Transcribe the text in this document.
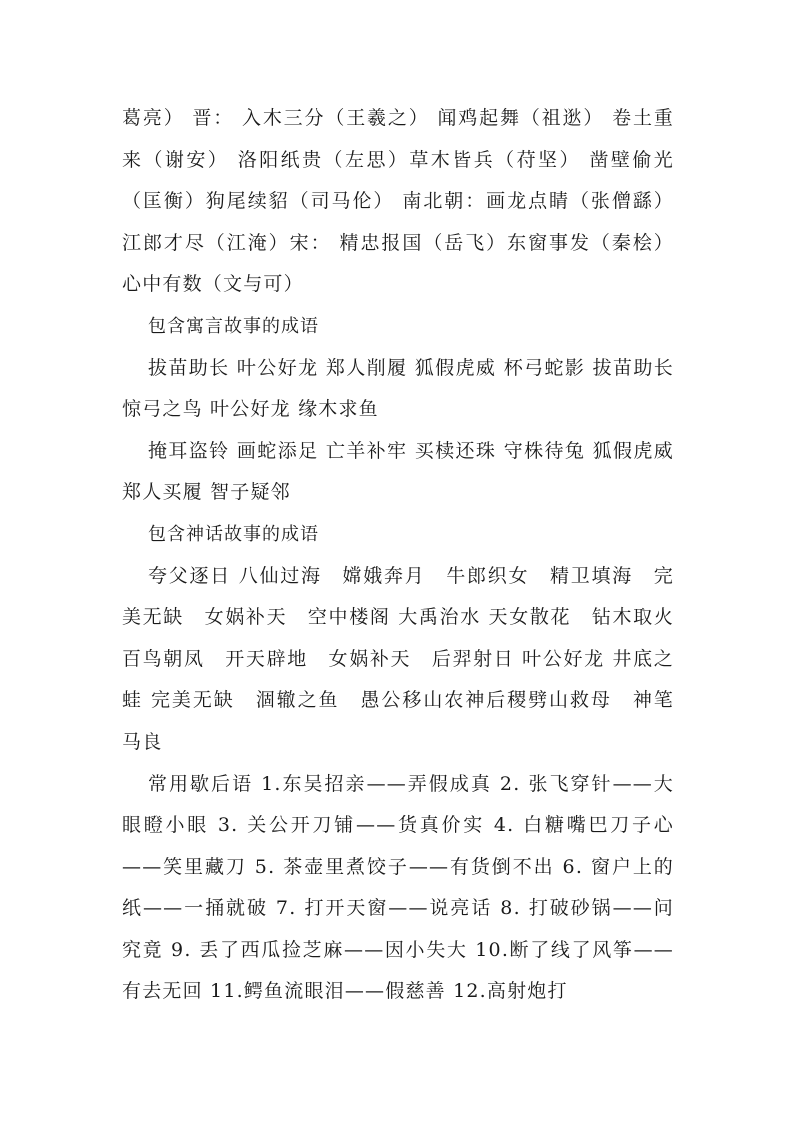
葛亮） 晋： 入木三分（王羲之） 闻鸡起舞（祖逖） 卷土重来（谢安） 洛阳纸贵（左思）草木皆兵（苻坚） 凿壁偷光（匡衡）狗尾续貂（司马伦） 南北朝：画龙点睛（张僧繇）江郎才尽（江淹）宋： 精忠报国（岳飞）东窗事发（秦桧）心中有数（文与可）

包含寓言故事的成语

拔苗助长 叶公好龙 郑人削履 狐假虎威 杯弓蛇影 拔苗助长 惊弓之鸟 叶公好龙 缘木求鱼

掩耳盗铃 画蛇添足 亡羊补牢 买椟还珠 守株待兔 狐假虎威 郑人买履 智子疑邻

包含神话故事的成语

夸父逐日 八仙过海　嫦娥奔月　牛郎织女　精卫填海　完美无缺　女娲补天　空中楼阁 大禹治水 天女散花　钻木取火　百鸟朝凤　开天辟地　女娲补天　后羿射日 叶公好龙 井底之蛙 完美无缺　涸辙之鱼　愚公移山农神后稷劈山救母　神笔马良

常用歇后语 1.东吴招亲——弄假成真 2. 张飞穿针——大眼瞪小眼 3. 关公开刀铺——货真价实 4. 白糖嘴巴刀子心——笑里藏刀 5. 茶壶里煮饺子——有货倒不出 6. 窗户上的纸——一捅就破 7. 打开天窗——说亮话 8. 打破砂锅——问究竟 9. 丢了西瓜捡芝麻——因小失大 10.断了线了风筝——有去无回 11.鳄鱼流眼泪——假慈善 12.高射炮打
